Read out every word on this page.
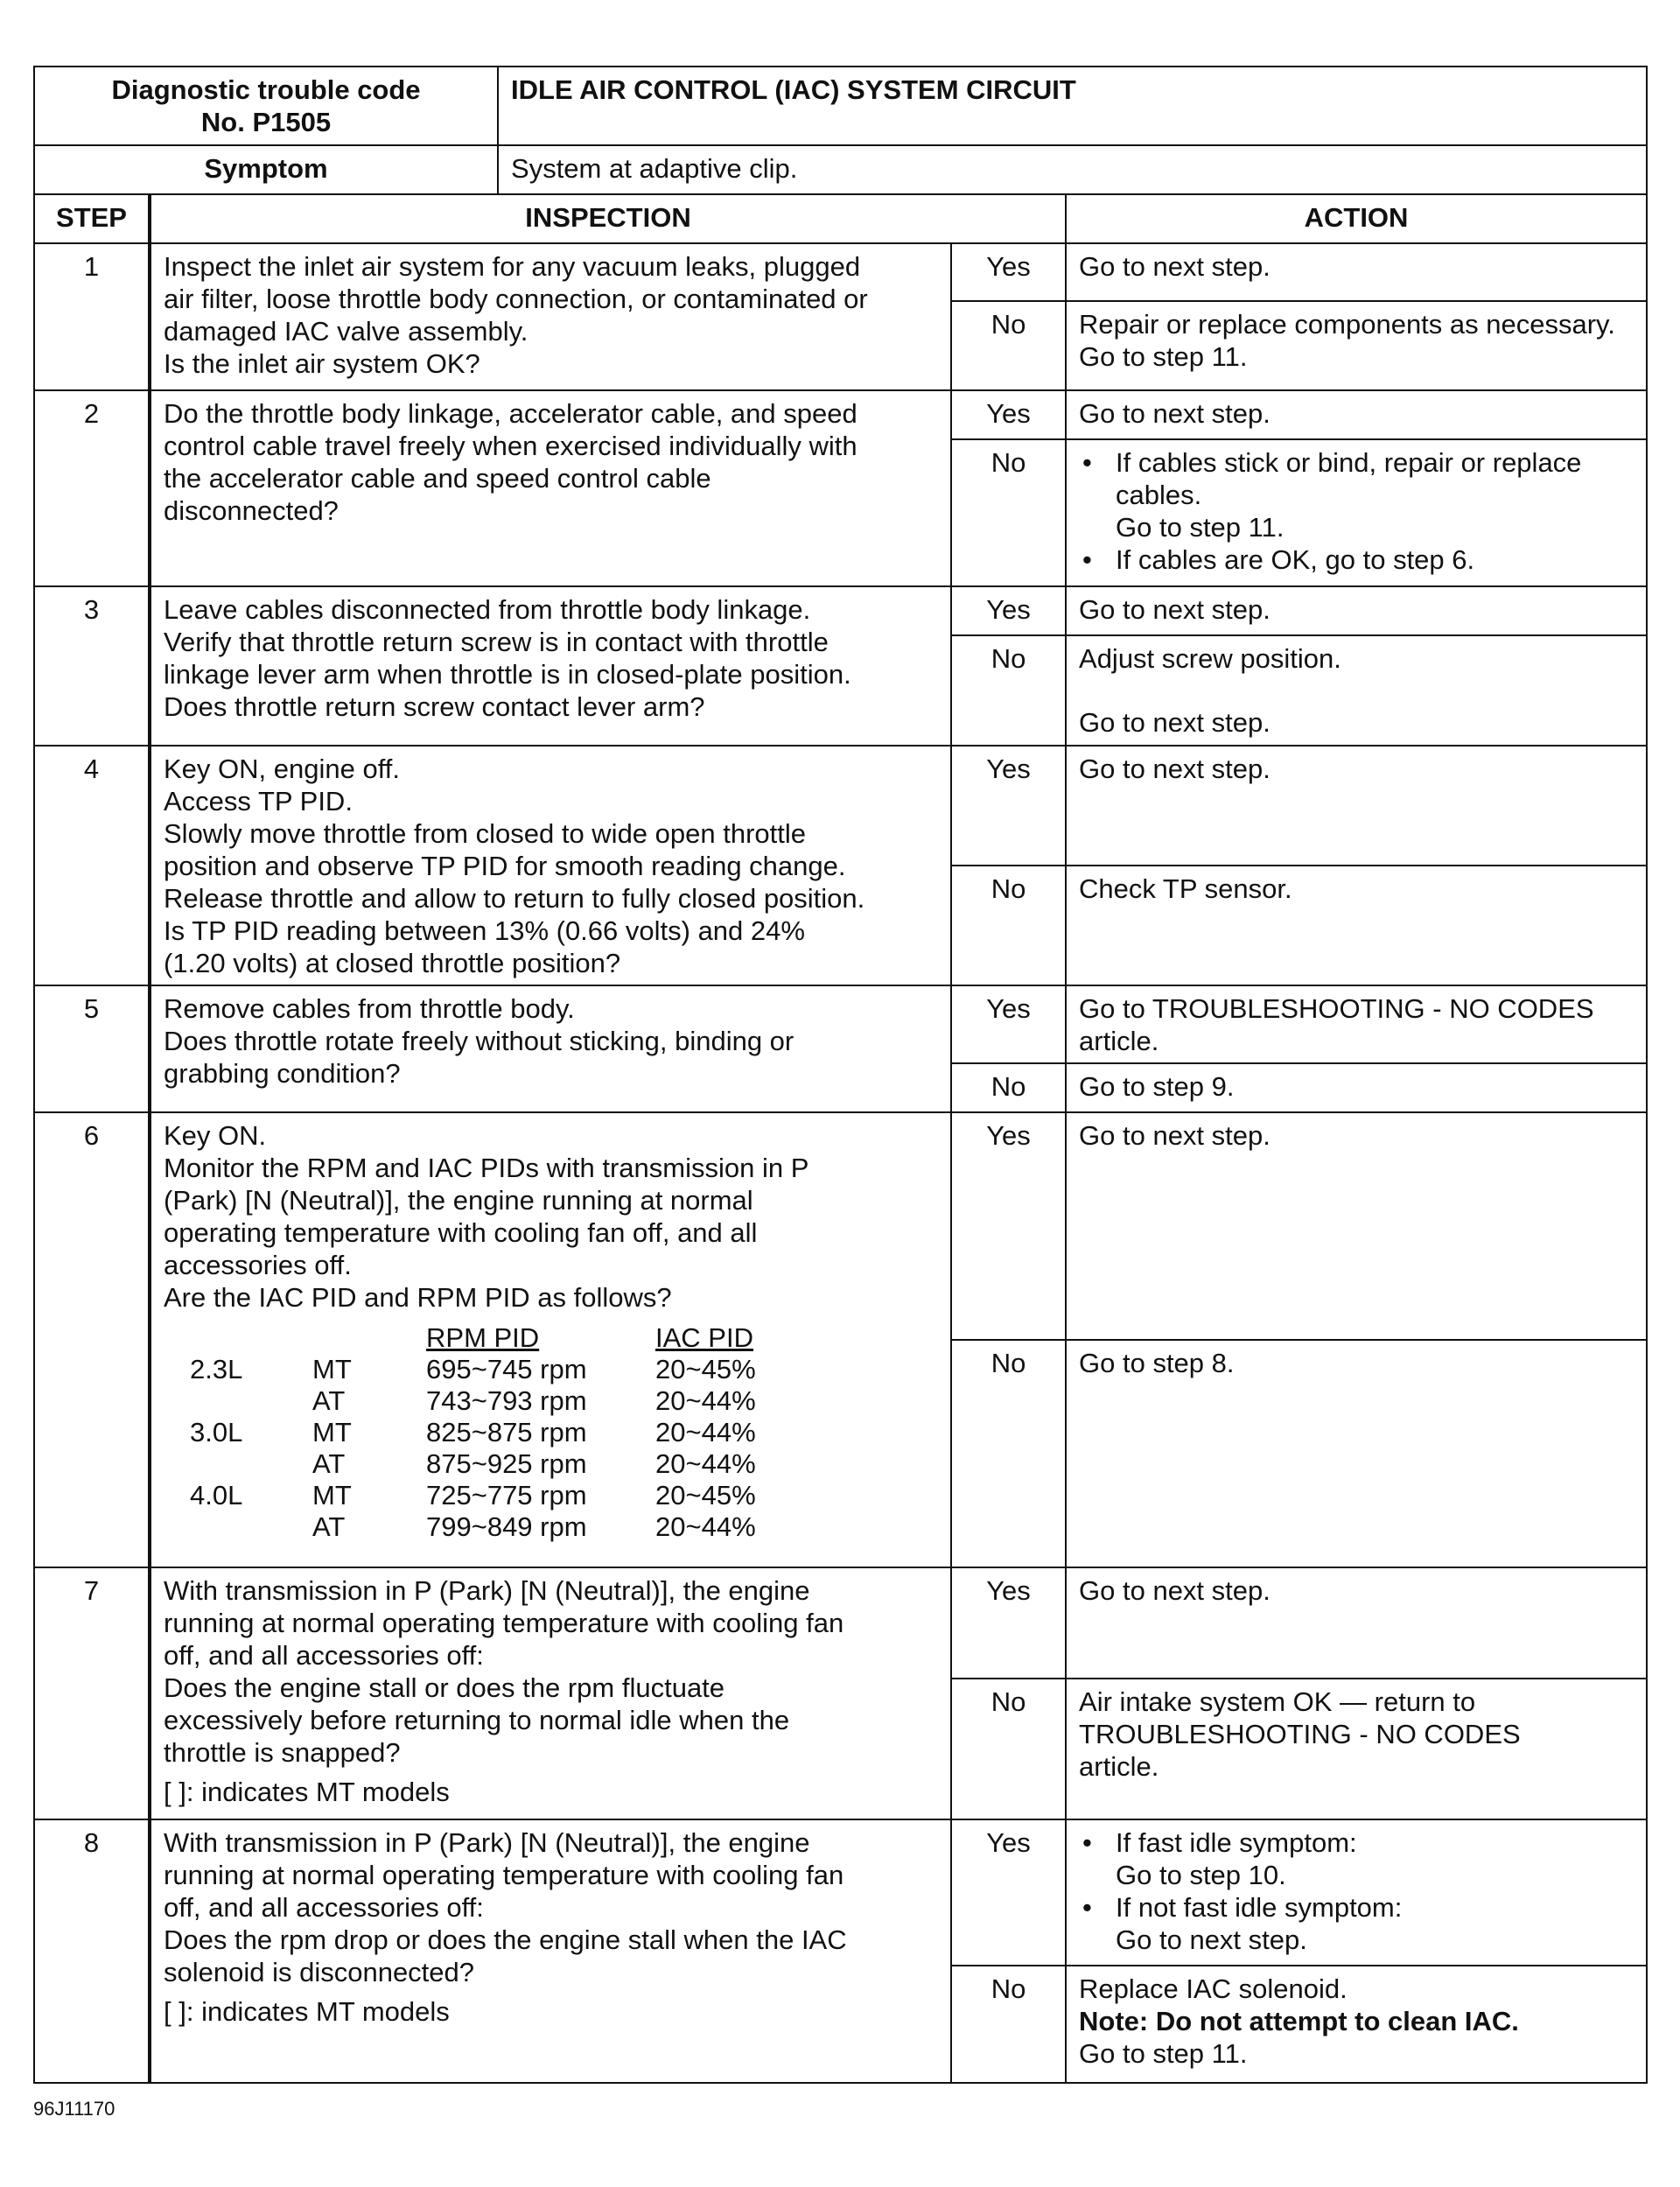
Diagnostic trouble code
No. P1505
	IDLE AIR CONTROL (IAC) SYSTEM CIRCUIT
Symptom	System at adaptive clip.
STEP	INSPECTION	ACTION
1	Inspect the inlet air system for any vacuum leaks, plugged
air filter, loose throttle body connection, or contaminated or
damaged IAC valve assembly.
Is the inlet air system OK?
	Yes	Go to next step.

No	Repair or replace components as necessary.
Go to step 11.

2	Do the throttle body linkage, accelerator cable, and speed
control cable travel freely when exercised individually with
the accelerator cable and speed control cable
disconnected?
	Yes	Go to next step.

No	
•If cables stick or bind, repair or replace
cables.
Go to step 11.
• If cables are OK, go to step 6.

3	Leave cables disconnected from throttle body linkage.
Verify that throttle return screw is in contact with throttle
linkage lever arm when throttle is in closed-plate position.
Does throttle return screw contact lever arm?
	Yes	Go to next step.

No	Adjust screw position.
Go to next step.

4	Key ON, engine off.
Access TP PID.
Slowly move throttle from closed to wide open throttle
position and observe TP PID for smooth reading change.
Release throttle and allow to return to fully closed position.
Is TP PID reading between 13% (0.66 volts) and 24%
(1.20 volts) at closed throttle position?
	Yes	Go to next step.

No	Check TP sensor.

5	Remove cables from throttle body.
Does throttle rotate freely without sticking, binding or
grabbing condition?
	Yes	Go to TROUBLESHOOTING - NO CODES
article.

No	Go to step 9.

6	Key ON.
Monitor the RPM and IAC PIDs with transmission in P
(Park) [N (Neutral)], the engine running at normal
operating temperature with cooling fan off, and all
accessories off.
Are the IAC PID and RPM PID as follows?
		RPM PID	IAC PID
2.3L	MT	695~745 rpm	20~45%
	AT	743~793 rpm	20~44%
3.0L	MT	825~875 rpm	20~44%
	AT	875~925 rpm	20~44%
4.0L	MT	725~775 rpm	20~45%
	AT	799~849 rpm	20~44%
	Yes	Go to next step.

No	Go to step 8.

7	With transmission in P (Park) [N (Neutral)], the engine
running at normal operating temperature with cooling fan
off, and all accessories off:
Does the engine stall or does the rpm fluctuate
excessively before returning to normal idle when the
throttle is snapped?
[ ]: indicates MT models
	Yes	Go to next step.

No	Air intake system OK — return to
TROUBLESHOOTING - NO CODES
article.

8	With transmission in P (Park) [N (Neutral)], the engine
running at normal operating temperature with cooling fan
off, and all accessories off:
Does the rpm drop or does the engine stall when the IAC
solenoid is disconnected?
[ ]: indicates MT models
	Yes	
•If fast idle symptom:
Go to step 10.
• If not fast idle symptom:
Go to next step.

No	Replace IAC solenoid.
Note: Do not attempt to clean IAC.
Go to step 11.
96J11170
